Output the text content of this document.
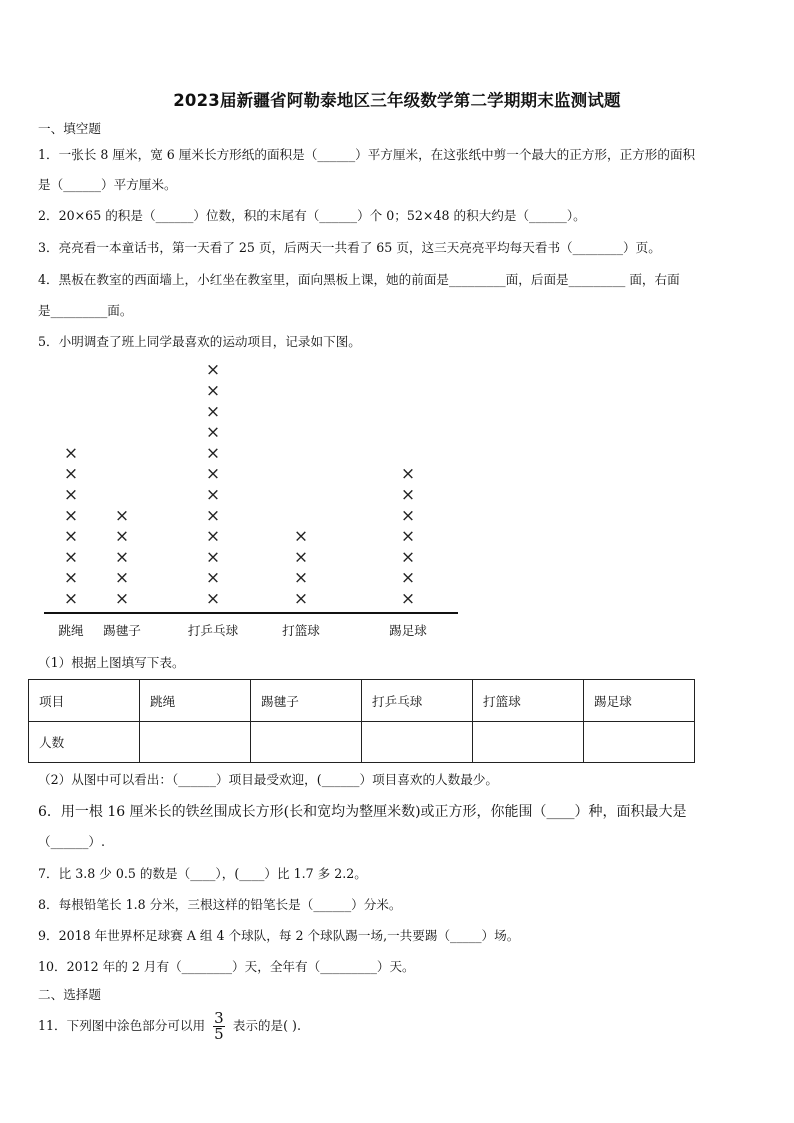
2023届新疆省阿勒泰地区三年级数学第二学期期末监测试题
一、填空题
1．一张长 8 厘米，宽 6 厘米长方形纸的面积是（______）平方厘米，在这张纸中剪一个最大的正方形，正方形的面积
是（______）平方厘米。
2．20×65 的积是（______）位数，积的末尾有（______）个 0；52×48 的积大约是（______）。
3．亮亮看一本童话书，第一天看了 25 页，后两天一共看了 65 页，这三天亮亮平均每天看书（________）页。
4．黑板在教室的西面墙上，小红坐在教室里，面向黑板上课，她的前面是_________面，后面是_________ 面，右面
是_________面。
5．小明调查了班上同学最喜欢的运动项目，记录如下图。
×
×
×
×
×
×
×
×
跳绳
×
×
×
×
×
踢毽子
×
×
×
×
×
×
×
×
×
×
×
×
打乒乓球
×
×
×
×
打篮球
×
×
×
×
×
×
×
踢足球
（1）根据上图填写下表。
项目	跳绳	踢毽子	打乒乓球	打篮球	踢足球
人数					
（2）从图中可以看出：（______）项目最受欢迎，(______）项目喜欢的人数最少。
6．用一根 16 厘米长的铁丝围成长方形(长和宽均为整厘米数)或正方形，你能围（____）种，面积最大是
（______）.
7．比 3.8 少 0.5 的数是（____），(____）比 1.7 多 2.2。
8．每根铅笔长 1.8 分米，三根这样的铅笔长是（______）分米。
9．2018 年世界杯足球赛 A 组 4 个球队，每 2 个球队踢一场,一共要踢（_____）场。
10．2012 年的 2 月有（________）天，全年有（_________）天。
二、选择题
11．下列图中涂色部分可以用 $\frac{3}{5}$ 表示的是( ).
